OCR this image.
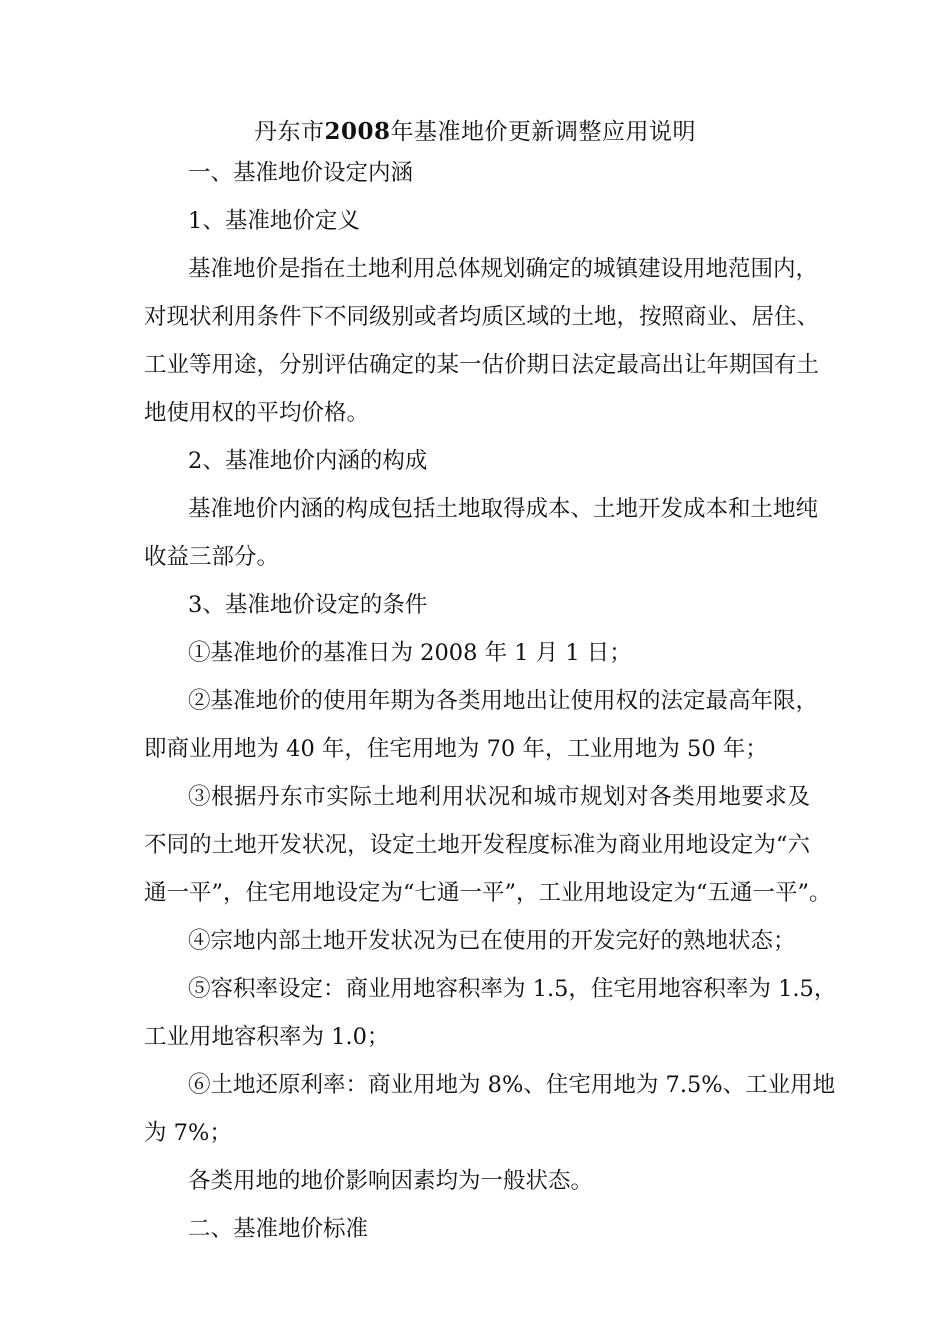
丹东市2008年基准地价更新调整应用说明
一、基准地价设定内涵
1、基准地价定义
基准地价是指在土地利用总体规划确定的城镇建设用地范围内，
对现状利用条件下不同级别或者均质区域的土地，按照商业、居住、
工业等用途，分别评估确定的某一估价期日法定最高出让年期国有土
地使用权的平均价格。
2、基准地价内涵的构成
基准地价内涵的构成包括土地取得成本、土地开发成本和土地纯
收益三部分。
3、基准地价设定的条件
①基准地价的基准日为 2008 年 1 月 1 日；
②基准地价的使用年期为各类用地出让使用权的法定最高年限，
即商业用地为 40 年，住宅用地为 70 年，工业用地为 50 年；
③根据丹东市实际土地利用状况和城市规划对各类用地要求及
不同的土地开发状况，设定土地开发程度标准为商业用地设定为“六
通一平”，住宅用地设定为“七通一平”，工业用地设定为“五通一平”。
④宗地内部土地开发状况为已在使用的开发完好的熟地状态；
⑤容积率设定：商业用地容积率为 1.5，住宅用地容积率为 1.5，
工业用地容积率为 1.0；
⑥土地还原利率：商业用地为 8%、住宅用地为 7.5%、工业用地
为 7%；
各类用地的地价影响因素均为一般状态。
二、基准地价标准
